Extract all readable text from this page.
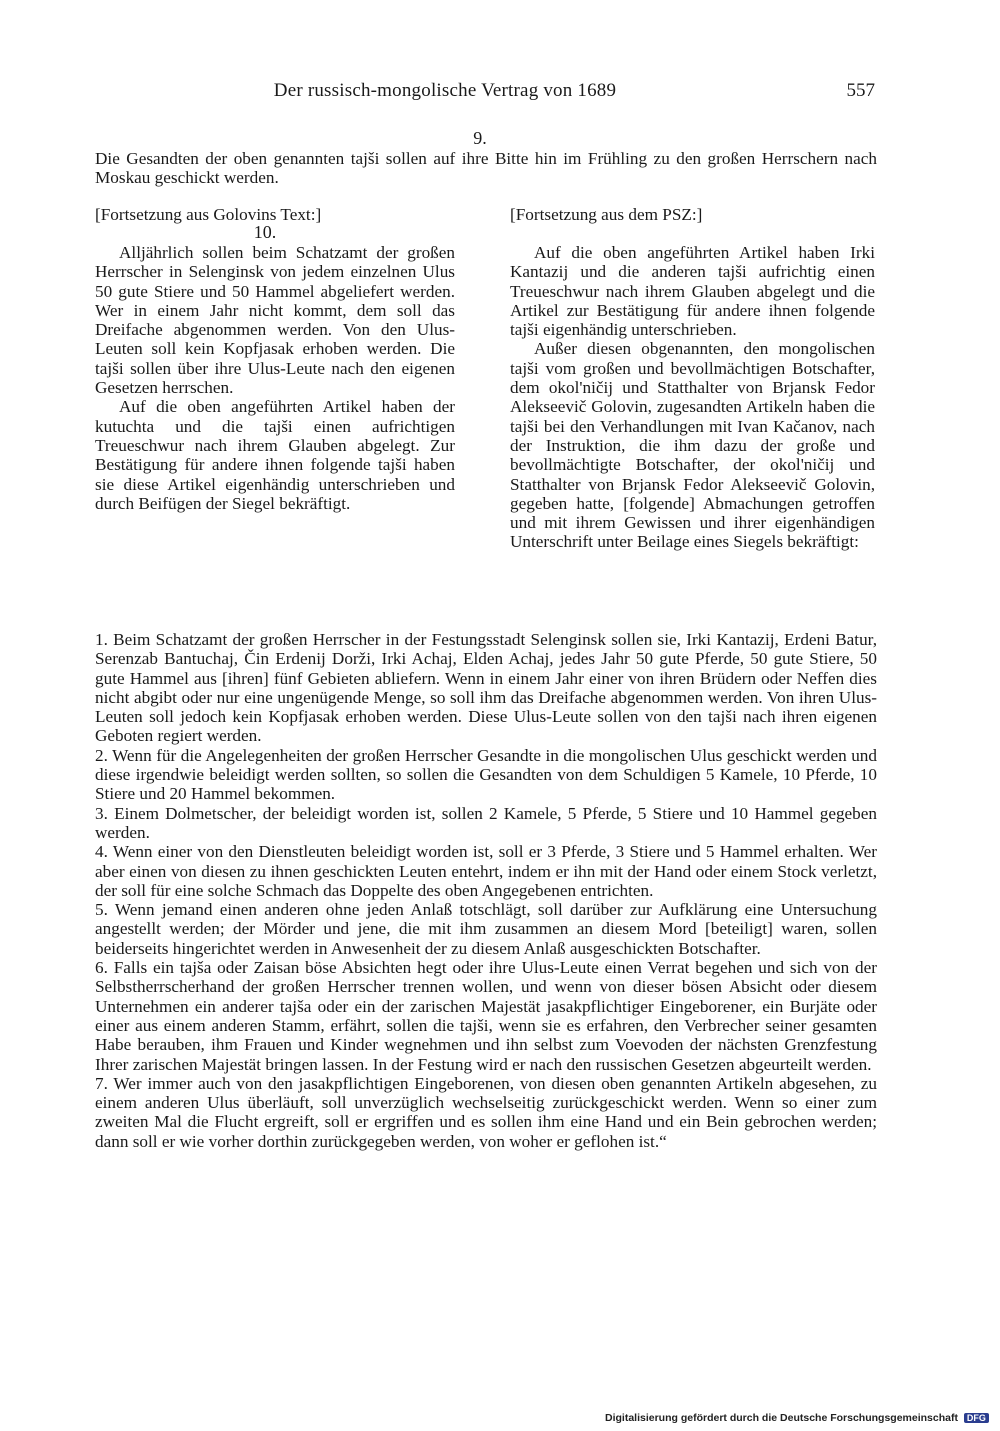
Der russisch-mongolische Vertrag von 1689	557
9.

Die Gesandten der oben genannten tajši sollen auf ihre Bitte hin im Frühling zu den großen Herrschern nach Moskau geschickt werden.

[Fortsetzung aus Golovins Text:]
10.

Alljährlich sollen beim Schatzamt der großen Herrscher in Selenginsk von jedem einzelnen Ulus 50 gute Stiere und 50 Hammel abgeliefert werden. Wer in einem Jahr nicht kommt, dem soll das Dreifache abgenommen werden. Von den Ulus-Leuten soll kein Kopfjasak erhoben werden. Die tajši sollen über ihre Ulus-Leute nach den eigenen Gesetzen herrschen.

Auf die oben angeführten Artikel haben der kutuchta und die tajši einen aufrichtigen Treueschwur nach ihrem Glauben abgelegt. Zur Bestätigung für andere ihnen folgende tajši haben sie diese Artikel eigenhändig unterschrieben und durch Beifügen der Siegel bekräftigt.

[Fortsetzung aus dem PSZ:]

Auf die oben angeführten Artikel haben Irki Kantazij und die anderen tajši aufrichtig einen Treueschwur nach ihrem Glauben abgelegt und die Artikel zur Bestätigung für andere ihnen folgende tajši eigenhändig unterschrieben.

Außer diesen obgenannten, den mongolischen tajši vom großen und bevollmächtigen Botschafter, dem okol'ničij und Statthalter von Brjansk Fedor Alekseevič Golovin, zugesandten Artikeln haben die tajši bei den Verhandlungen mit Ivan Kačanov, nach der Instruktion, die ihm dazu der große und bevollmächtigte Botschafter, der okol'ničij und Statthalter von Brjansk Fedor Alekseevič Golovin, gegeben hatte, [folgende] Abmachungen getroffen und mit ihrem Gewissen und ihrer eigenhändigen Unterschrift unter Beilage eines Siegels bekräftigt:

1. Beim Schatzamt der großen Herrscher in der Festungsstadt Selenginsk sollen sie, Irki Kantazij, Erdeni Batur, Serenzab Bantuchaj, Čin Erdenij Dorži, Irki Achaj, Elden Achaj, jedes Jahr 50 gute Pferde, 50 gute Stiere, 50 gute Hammel aus [ihren] fünf Gebieten abliefern. Wenn in einem Jahr einer von ihren Brüdern oder Neffen dies nicht abgibt oder nur eine ungenügende Menge, so soll ihm das Dreifache abgenommen werden. Von ihren Ulus-Leuten soll jedoch kein Kopfjasak erhoben werden. Diese Ulus-Leute sollen von den tajši nach ihren eigenen Geboten regiert werden.

2. Wenn für die Angelegenheiten der großen Herrscher Gesandte in die mongolischen Ulus geschickt werden und diese irgendwie beleidigt werden sollten, so sollen die Gesandten von dem Schuldigen 5 Kamele, 10 Pferde, 10 Stiere und 20 Hammel bekommen.

3. Einem Dolmetscher, der beleidigt worden ist, sollen 2 Kamele, 5 Pferde, 5 Stiere und 10 Hammel gegeben werden.

4. Wenn einer von den Dienstleuten beleidigt worden ist, soll er 3 Pferde, 3 Stiere und 5 Hammel erhalten. Wer aber einen von diesen zu ihnen geschickten Leuten entehrt, indem er ihn mit der Hand oder einem Stock verletzt, der soll für eine solche Schmach das Doppelte des oben Angegebenen entrichten.

5. Wenn jemand einen anderen ohne jeden Anlaß totschlägt, soll darüber zur Aufklärung eine Untersuchung angestellt werden; der Mörder und jene, die mit ihm zusammen an diesem Mord [beteiligt] waren, sollen beiderseits hingerichtet werden in Anwesenheit der zu diesem Anlaß ausgeschickten Botschafter.

6. Falls ein tajša oder Zaisan böse Absichten hegt oder ihre Ulus-Leute einen Verrat begehen und sich von der Selbstherrscherhand der großen Herrscher trennen wollen, und wenn von dieser bösen Absicht oder diesem Unternehmen ein anderer tajša oder ein der zarischen Majestät jasakpflichtiger Eingeborener, ein Burjäte oder einer aus einem anderen Stamm, erfährt, sollen die tajši, wenn sie es erfahren, den Verbrecher seiner gesamten Habe berauben, ihm Frauen und Kinder wegnehmen und ihn selbst zum Voevoden der nächsten Grenzfestung Ihrer zarischen Majestät bringen lassen. In der Festung wird er nach den russischen Gesetzen abgeurteilt werden.

7. Wer immer auch von den jasakpflichtigen Eingeborenen, von diesen oben genannten Artikeln abgesehen, zu einem anderen Ulus überläuft, soll unverzüglich wechselseitig zurückgeschickt werden. Wenn so einer zum zweiten Mal die Flucht ergreift, soll er ergriffen und es sollen ihm eine Hand und ein Bein gebrochen werden; dann soll er wie vorher dorthin zurückgegeben werden, von woher er geflohen ist.“

Digitalisierung gefördert durch die Deutsche Forschungsgemeinschaft DFG
